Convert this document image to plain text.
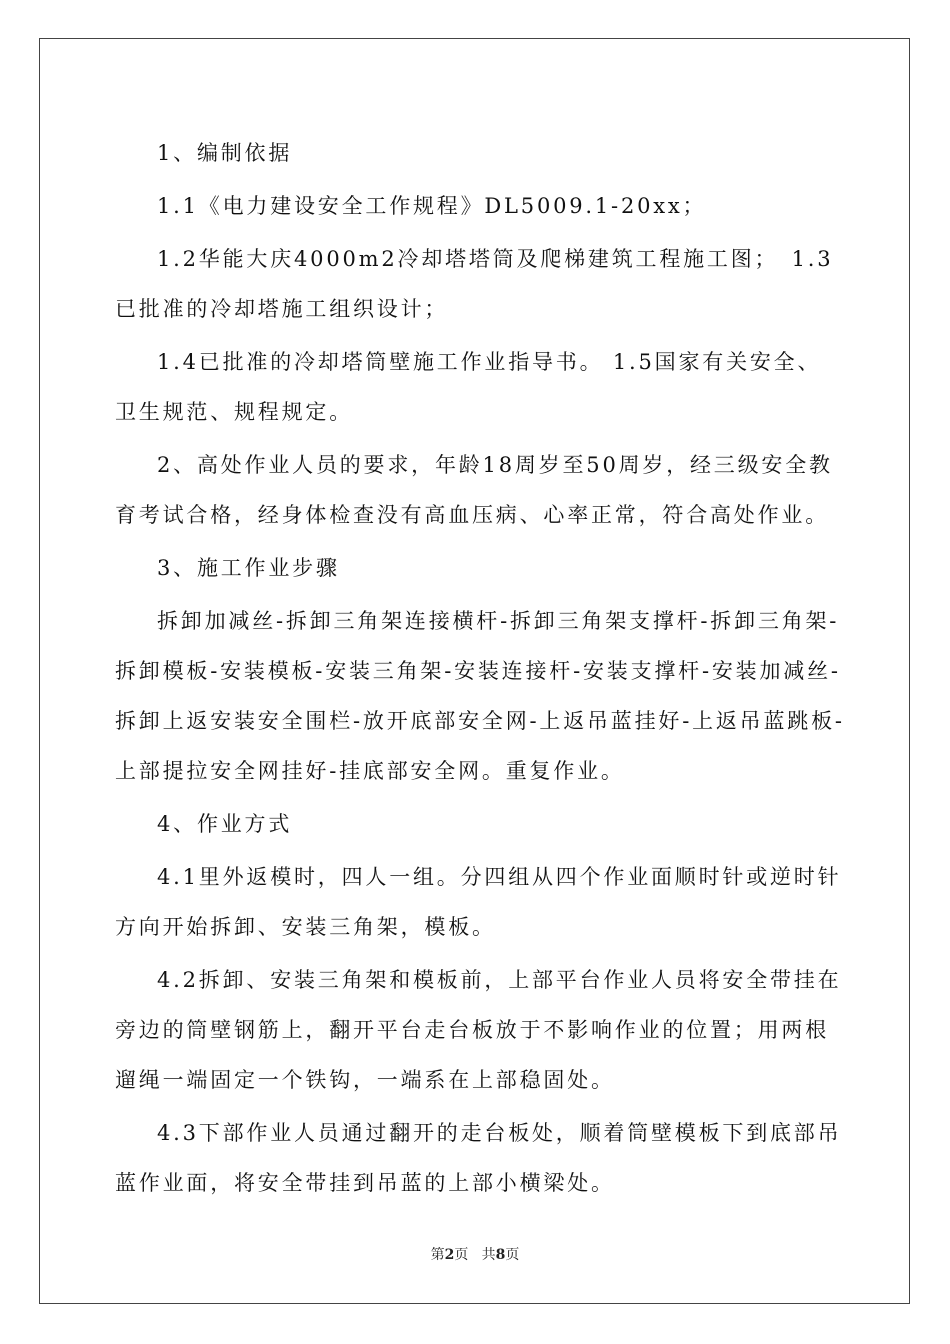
1、编制依据

1.1《电力建设安全工作规程》DL5009.1-20xx；

1.2华能大庆4000m2冷却塔塔筒及爬梯建筑工程施工图；　1.3已批准的冷却塔施工组织设计；

1.4已批准的冷却塔筒壁施工作业指导书。 1.5国家有关安全、卫生规范、规程规定。

2、高处作业人员的要求，年龄18周岁至50周岁，经三级安全教育考试合格，经身体检查没有高血压病、心率正常，符合高处作业。

3、施工作业步骤

拆卸加减丝-拆卸三角架连接横杆-拆卸三角架支撑杆-拆卸三角架-拆卸模板-安装模板-安装三角架-安装连接杆-安装支撑杆-安装加减丝-拆卸上返安装安全围栏-放开底部安全网-上返吊蓝挂好-上返吊蓝跳板-上部提拉安全网挂好-挂底部安全网。重复作业。

4、作业方式

4.1里外返模时，四人一组。分四组从四个作业面顺时针或逆时针方向开始拆卸、安装三角架，模板。

4.2拆卸、安装三角架和模板前，上部平台作业人员将安全带挂在旁边的筒壁钢筋上，翻开平台走台板放于不影响作业的位置；用两根遛绳一端固定一个铁钩，一端系在上部稳固处。

4.3下部作业人员通过翻开的走台板处，顺着筒壁模板下到底部吊蓝作业面，将安全带挂到吊蓝的上部小横梁处。

第2页 共8页
